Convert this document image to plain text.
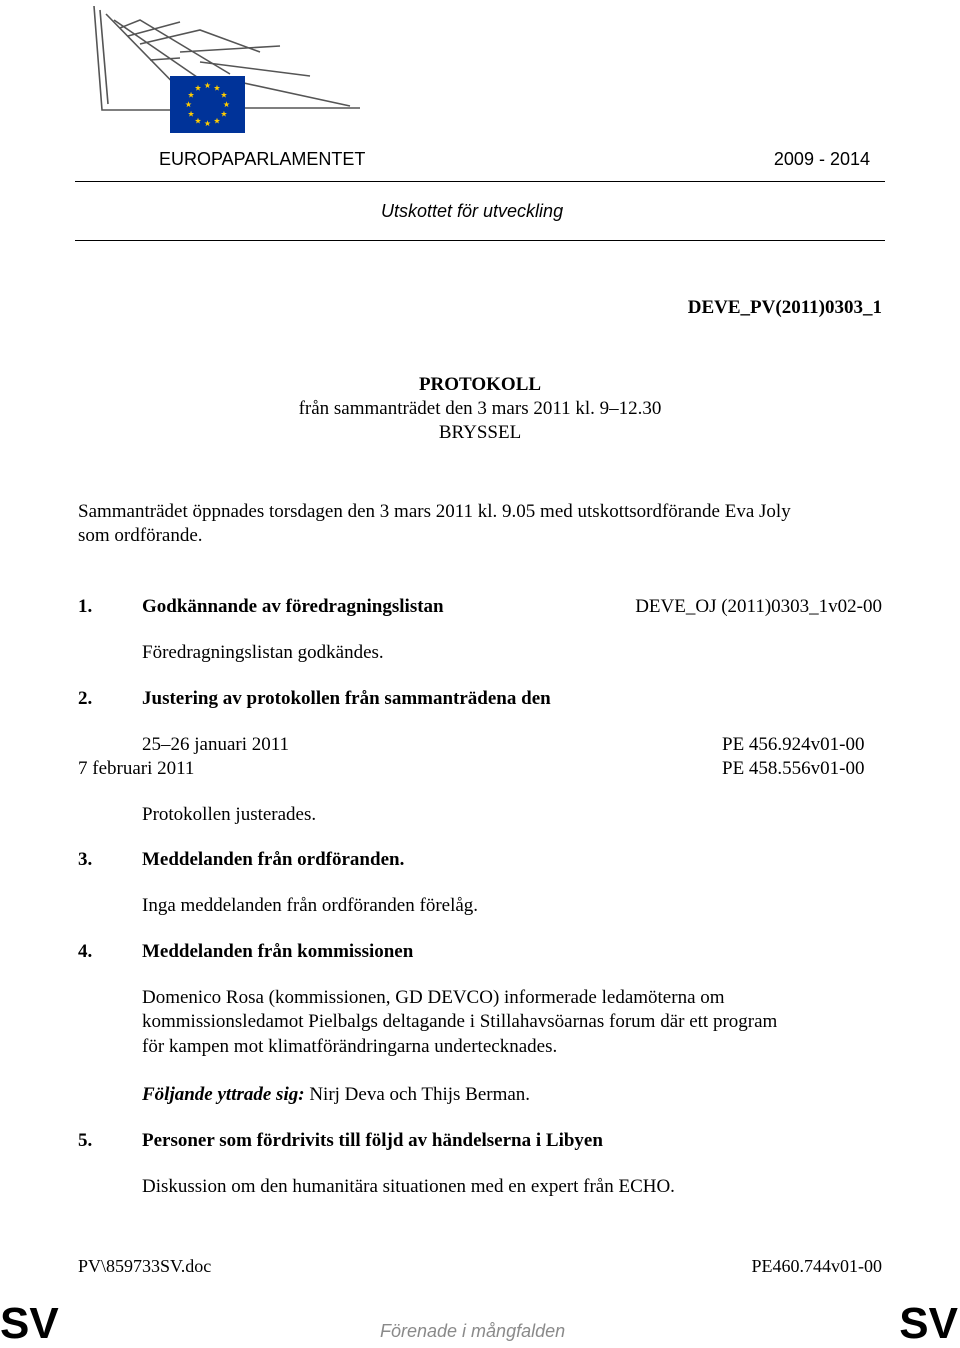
EUROPAPARLAMENTET	2009 - 2014
Utskottet för utveckling
DEVE_PV(2011)0303_1
PROTOKOLL
från sammanträdet den 3 mars 2011 kl. 9–12.30
BRYSSEL
Sammanträdet öppnades torsdagen den 3 mars 2011 kl. 9.05 med utskottsordförande Eva Joly
som ordförande.
1.	Godkännande av föredragningslistan	DEVE_OJ (2011)0303_1v02-00
Föredragningslistan godkändes.
2.	Justering av protokollen från sammanträdena den
25–26 januari 2011	PE 456.924v01-00
7 februari 2011	PE 458.556v01-00
Protokollen justerades.
3.	Meddelanden från ordföranden.
Inga meddelanden från ordföranden förelåg.
4.	Meddelanden från kommissionen
Domenico Rosa (kommissionen, GD DEVCO) informerade ledamöterna om
kommissionsledamot Pielbalgs deltagande i Stillahavsöarnas forum där ett program
för kampen mot klimatförändringarna undertecknades.
Följande yttrade sig: Nirj Deva och Thijs Berman.
5.	Personer som fördrivits till följd av händelserna i Libyen
Diskussion om den humanitära situationen med en expert från ECHO.
PV\859733SV.doc	PE460.744v01-00
SV	Förenade i mångfalden	SV
